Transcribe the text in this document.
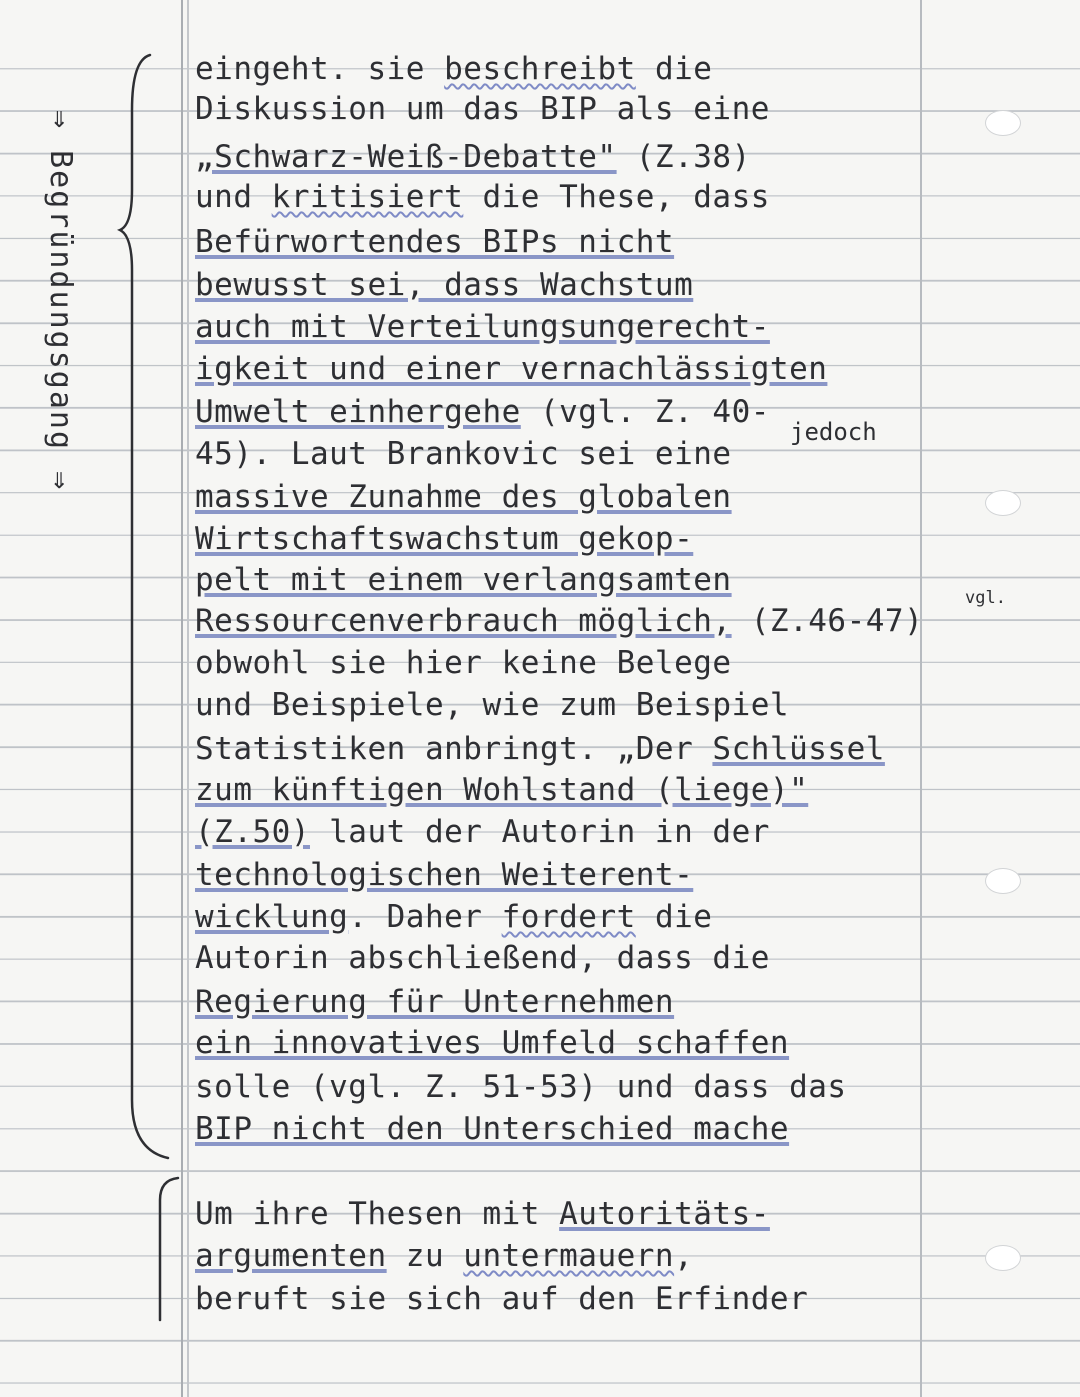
⇒ Begründungsgang ⇒
eingeht. sie beschreibt die
Diskussion um das BIP als eine
„Schwarz-Weiß-Debatte" (Z.38)
und kritisiert die These, dass
Befürwortendes BIPs nicht
bewusst sei, dass Wachstum
auch mit Verteilungsungerecht-
igkeit und einer vernachlässigten
Umwelt einhergehe (vgl. Z. 40-
45). Laut Brankovic sei eine
massive Zunahme des globalen
Wirtschaftswachstum gekop-
pelt mit einem verlangsamten
Ressourcenverbrauch möglich, (Z.46-47)
obwohl sie hier keine Belege
und Beispiele, wie zum Beispiel
Statistiken anbringt. „Der Schlüssel
zum künftigen Wohlstand (liege)"
(Z.50) laut der Autorin in der
technologischen Weiterent-
wicklung. Daher fordert die
Autorin abschließend, dass die
Regierung für Unternehmen
ein innovatives Umfeld schaffen
solle (vgl. Z. 51-53) und dass das
BIP nicht den Unterschied mache
Um ihre Thesen mit Autoritäts-
argumenten zu untermauern,
beruft sie sich auf den Erfinder
jedoch
vgl.
